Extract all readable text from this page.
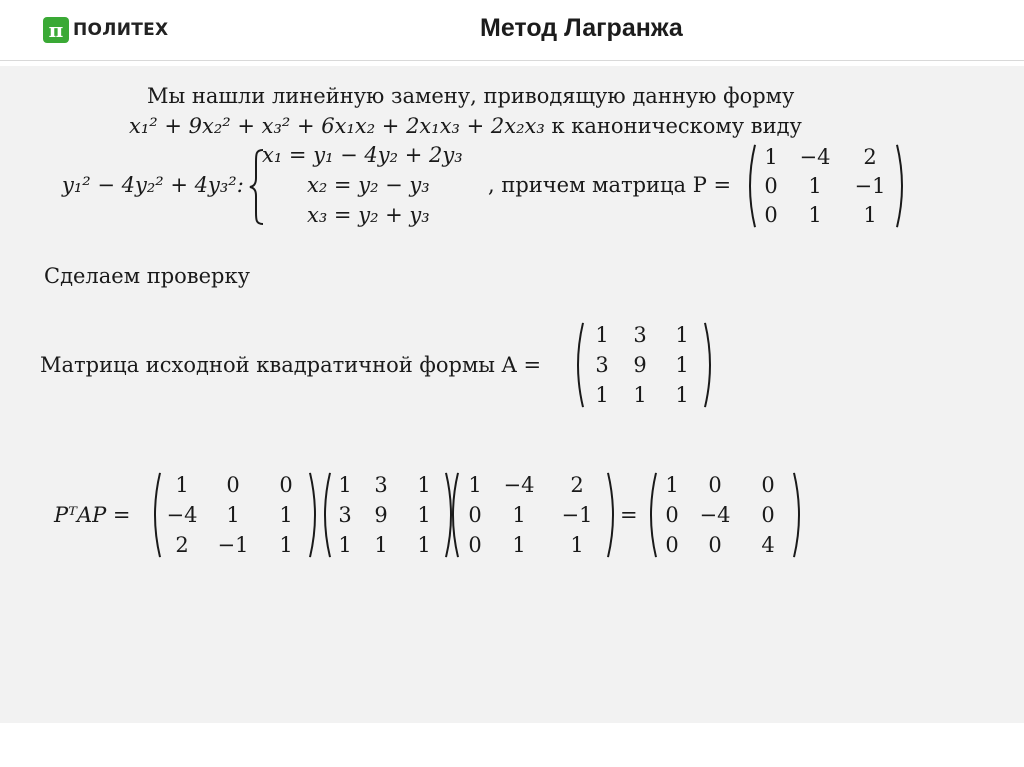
п ПОЛИТЕХ	Метод Лагранжа
Мы нашли линейную замену, приводящую данную форму
x₁² + 9x₂² + x₃² + 6x₁x₂ + 2x₁x₃ + 2x₂x₃ к каноническому виду
y₁² − 4y₂² + 4y₃²:
x₁ = y₁ − 4y₂ + 2y₃
x₂ = y₂ − y₃
x₃ = y₂ + y₃
, причем матрица P =
1	−4	2
0	1	−1
0	1	1
Сделаем проверку
Матрица исходной квадратичной формы A =
1	3	1
3	9	1
1	1	1
PᵀAP =
1	0	0
−4	1	1
2	−1	1
1	3	1
3	9	1
1	1	1
1	−4	2
0	1	−1
0	1	1
=
1	0	0
0 −4	0
0	0	4
